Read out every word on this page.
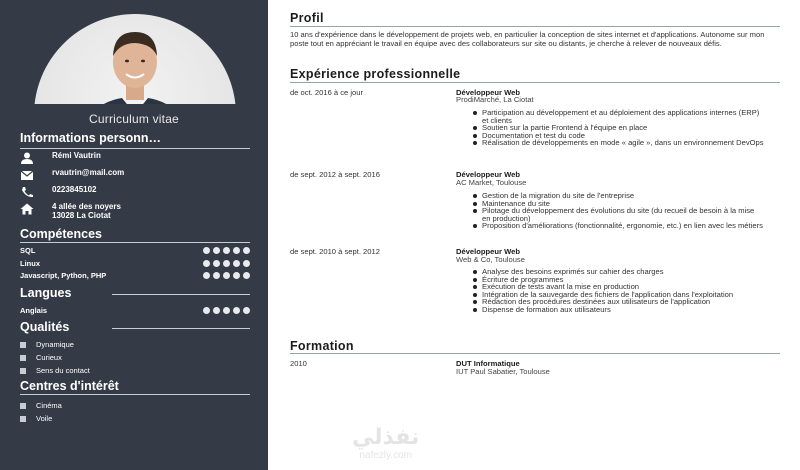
Curriculum vitae
Informations personn…
Rémi Vautrin
rvautrin@mail.com
0223845102
4 allée des noyers
13028 La Ciotat
Compétences
SQL
Linux
Javascript, Python, PHP
Langues
Anglais
Qualités
Dynamique
Curieux
Sens du contact
Centres d'intérêt
Cinéma
Voile
Profil
10 ans d'expérience dans le développement de projets web, en particulier la conception de sites internet et d'applications. Autonome sur mon poste tout en appréciant le travail en équipe avec des collaborateurs sur site ou distants, je cherche à relever de nouveaux défis.
Expérience professionnelle
de oct. 2016 à ce jour	Développeur Web
ProdiMarché, La Ciotat
Participation au développement et au déploiement des applications internes (ERP) et clients
Soutien sur la partie Frontend à l'équipe en place
Documentation et test du code
Réalisation de développements en mode « agile », dans un environnement DevOps
de sept. 2012 à sept. 2016	Développeur Web
AC Market, Toulouse
Gestion de la migration du site de l'entreprise
Maintenance du site
Pilotage du développement des évolutions du site (du recueil de besoin à la mise en production)
Proposition d'améliorations (fonctionnalité, ergonomie, etc.) en lien avec les métiers
de sept. 2010 à sept. 2012	Développeur Web
Web & Co, Toulouse
Analyse des besoins exprimés sur cahier des charges
Écriture de programmes
Exécution de tests avant la mise en production
Intégration de la sauvegarde des fichiers de l'application dans l'exploitation
Rédaction des procédures destinées aux utilisateurs de l'application
Dispense de formation aux utilisateurs
Formation
2010	DUT Informatique
IUT Paul Sabatier, Toulouse
نفذلي
nafezly.com
